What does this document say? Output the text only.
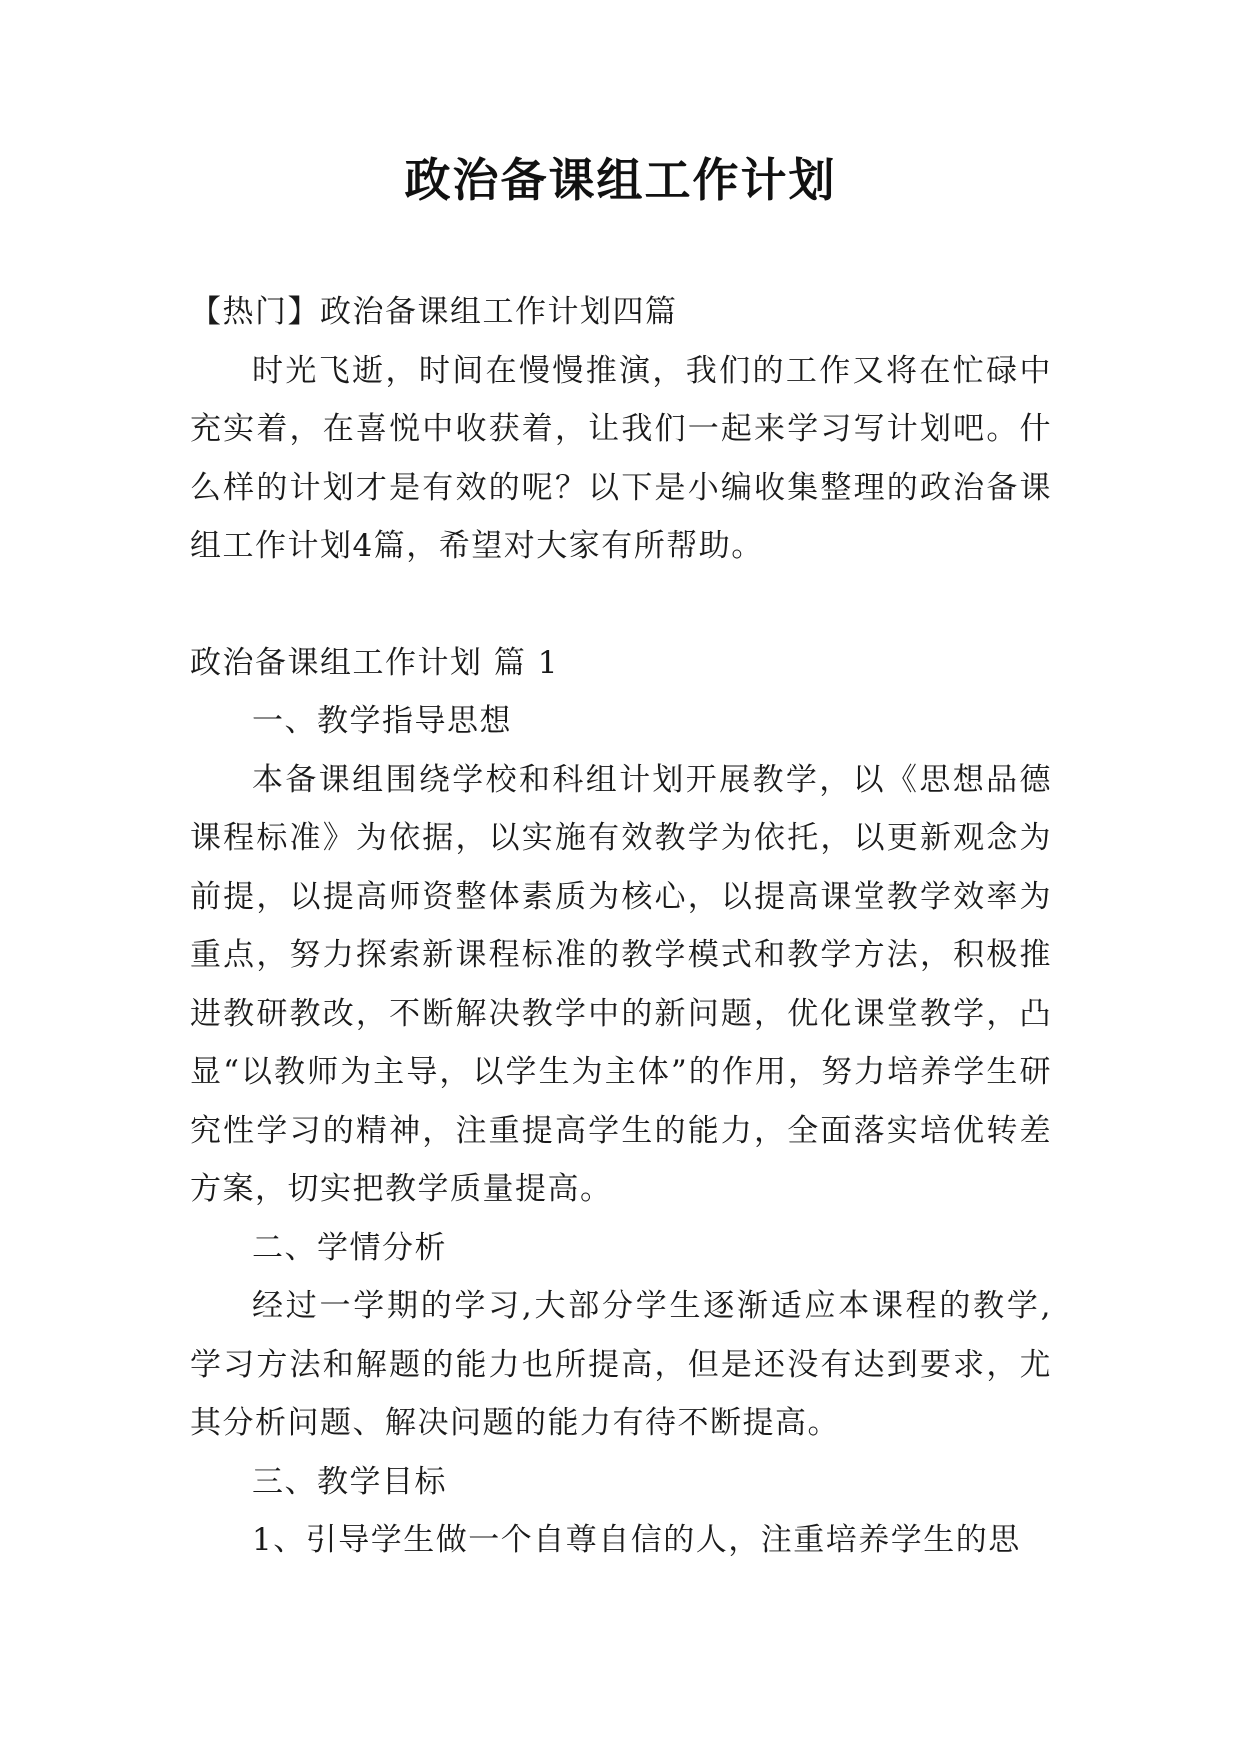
政治备课组工作计划

【热门】政治备课组工作计划四篇

时光飞逝，时间在慢慢推演，我们的工作又将在忙碌中充实着，在喜悦中收获着，让我们一起来学习写计划吧。什么样的计划才是有效的呢？以下是小编收集整理的政治备课组工作计划4篇，希望对大家有所帮助。

政治备课组工作计划 篇 1

一、教学指导思想

本备课组围绕学校和科组计划开展教学，以《思想品德课程标准》为依据，以实施有效教学为依托，以更新观念为前提，以提高师资整体素质为核心，以提高课堂教学效率为重点，努力探索新课程标准的教学模式和教学方法，积极推进教研教改，不断解决教学中的新问题，优化课堂教学，凸显“以教师为主导，以学生为主体”的作用，努力培养学生研究性学习的精神，注重提高学生的能力，全面落实培优转差方案，切实把教学质量提高。

二、学情分析

经过一学期的学习,大部分学生逐渐适应本课程的教学,学习方法和解题的能力也所提高，但是还没有达到要求，尤其分析问题、解决问题的能力有待不断提高。

三、教学目标

1、引导学生做一个自尊自信的人，注重培养学生的思
